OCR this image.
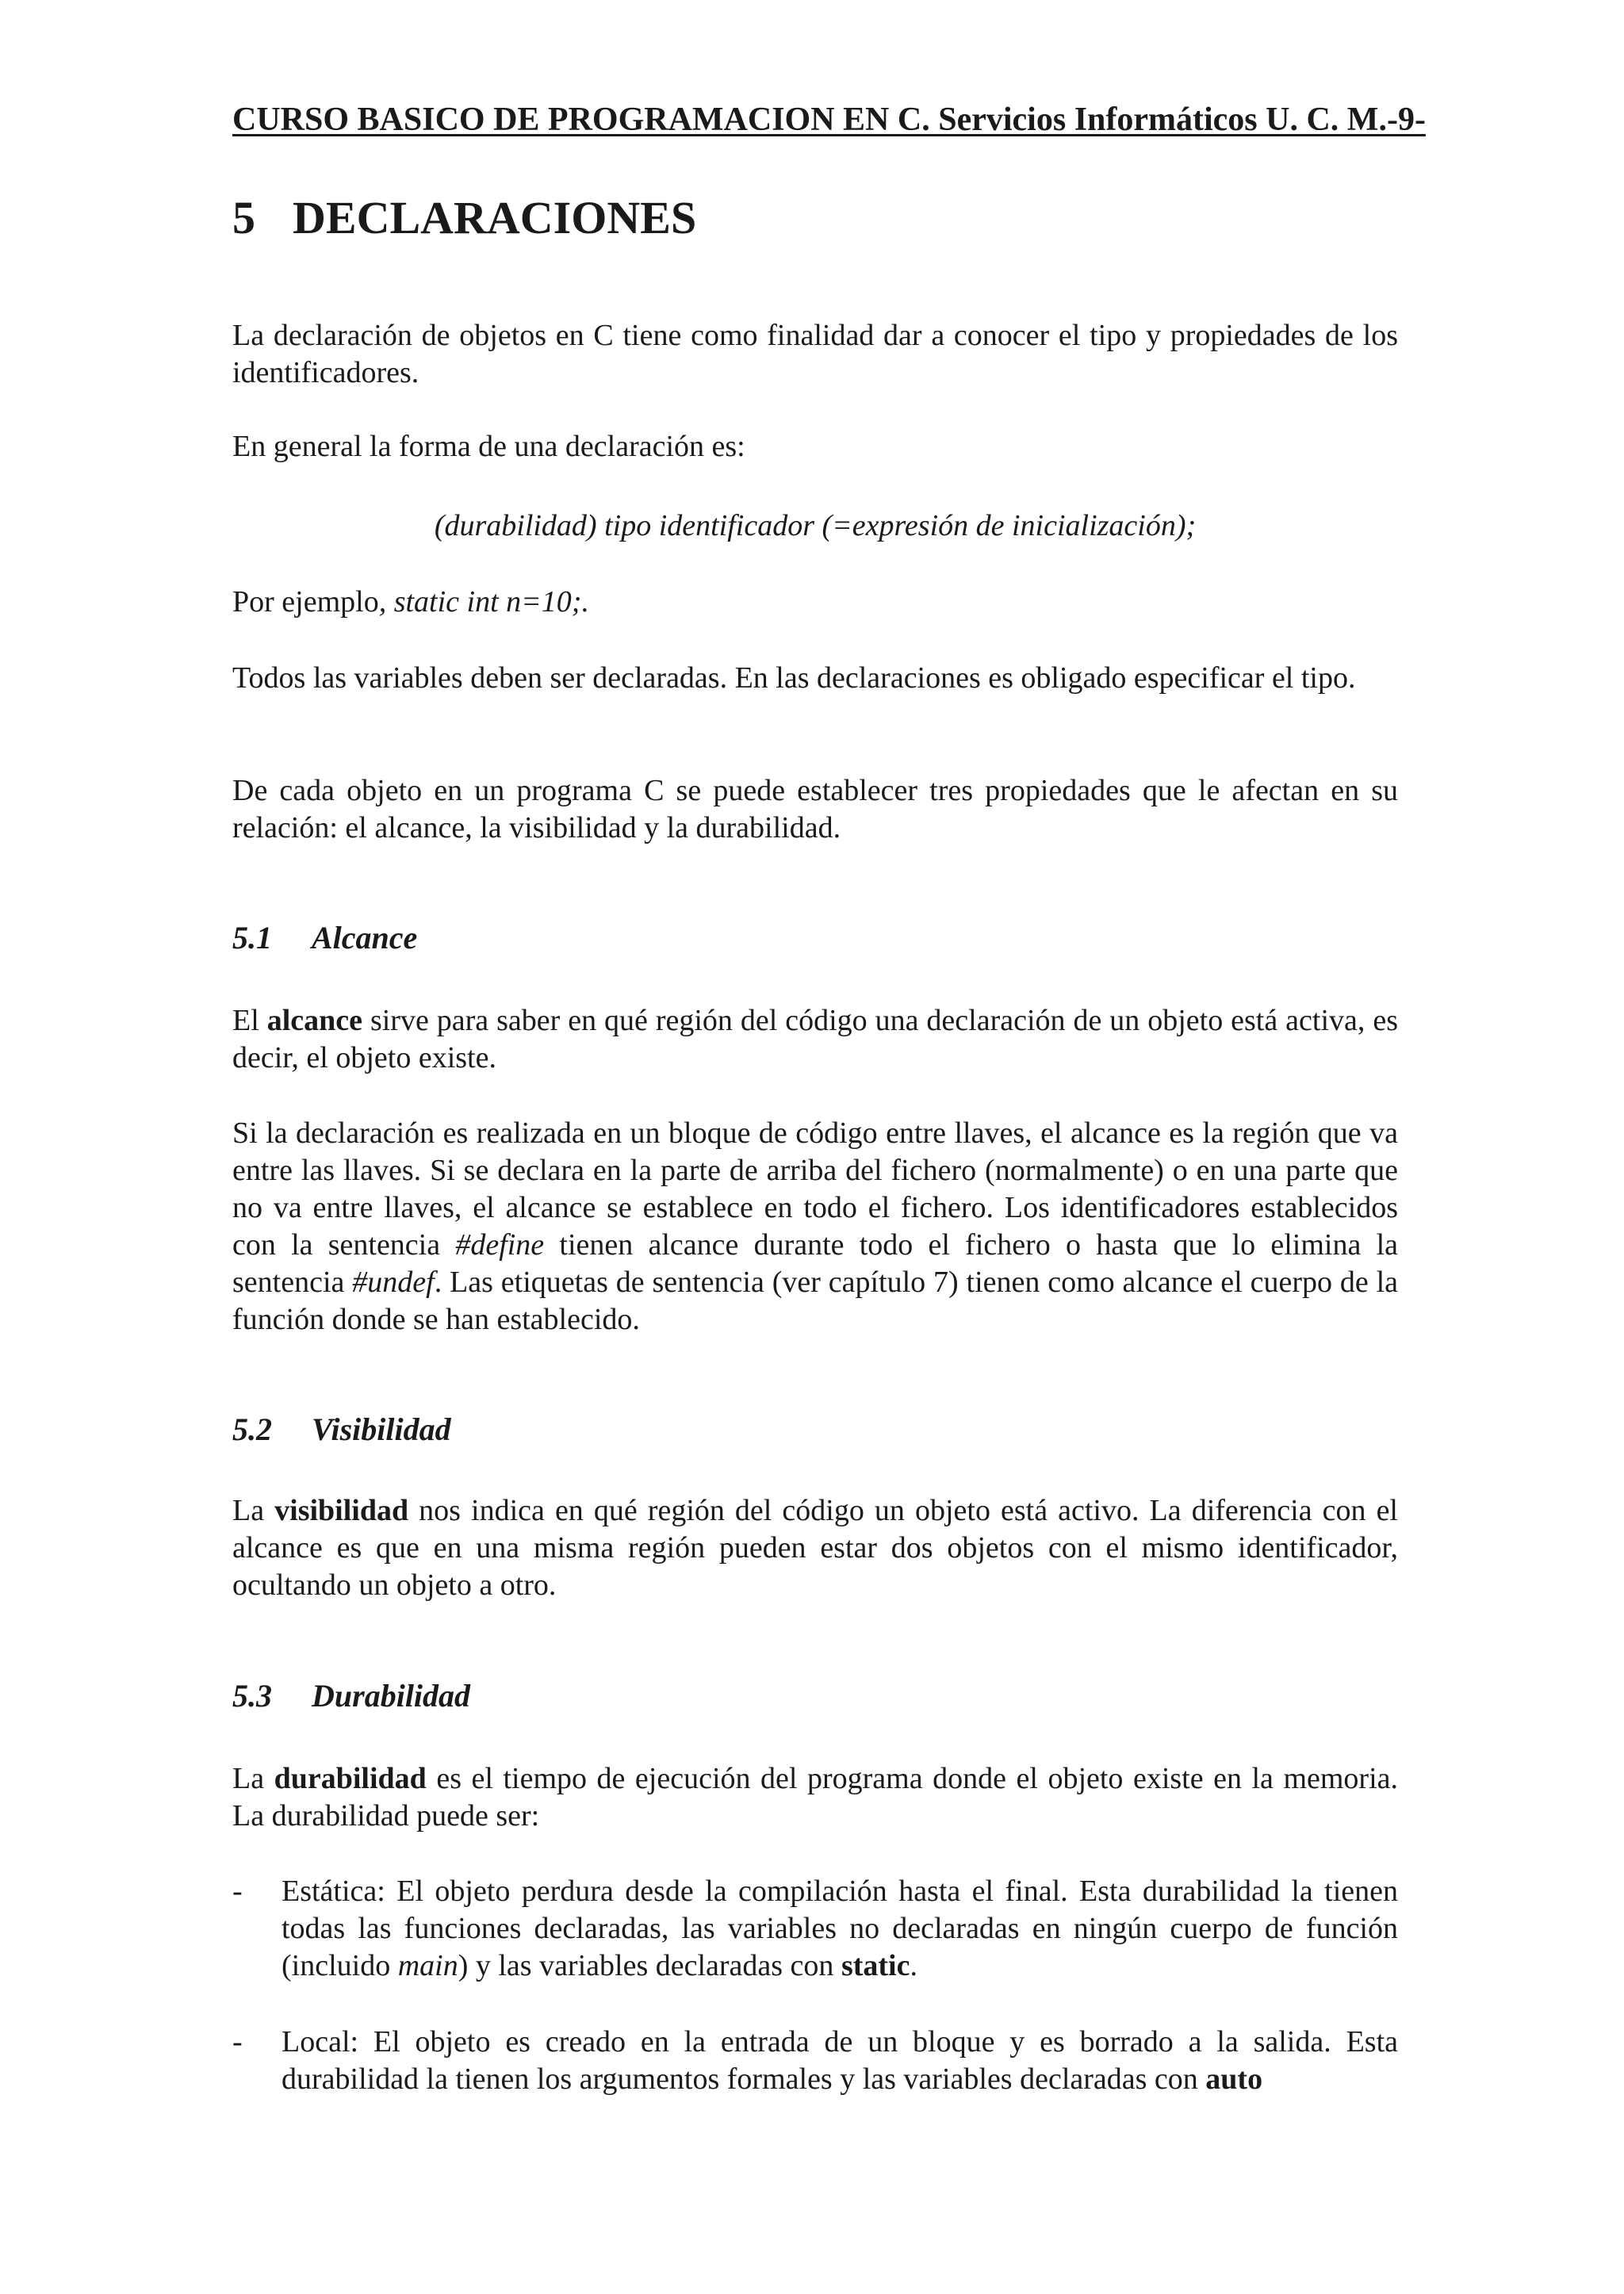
CURSO BASICO DE PROGRAMACION EN C. Servicios Informáticos U. C. M.-9-
5 DECLARACIONES
La declaración de objetos en C tiene como finalidad dar a conocer el tipo y propiedades de los identificadores.
En general la forma de una declaración es:
(durabilidad) tipo identificador (=expresión de inicialización);
Por ejemplo, static int n=10;.
Todos las variables deben ser declaradas. En las declaraciones es obligado especificar el tipo.
De cada objeto en un programa C se puede establecer tres propiedades que le afectan en su relación: el alcance, la visibilidad y la durabilidad.
5.1 Alcance
El alcance sirve para saber en qué región del código una declaración de un objeto está activa, es decir, el objeto existe.
Si la declaración es realizada en un bloque de código entre llaves, el alcance es la región que va entre las llaves. Si se declara en la parte de arriba del fichero (normalmente) o en una parte que no va entre llaves, el alcance se establece en todo el fichero. Los identificadores establecidos con la sentencia #define tienen alcance durante todo el fichero o hasta que lo elimina la sentencia #undef. Las etiquetas de sentencia (ver capítulo 7) tienen como alcance el cuerpo de la función donde se han establecido.
5.2 Visibilidad
La visibilidad nos indica en qué región del código un objeto está activo. La diferencia con el alcance es que en una misma región pueden estar dos objetos con el mismo identificador, ocultando un objeto a otro.
5.3 Durabilidad
La durabilidad es el tiempo de ejecución del programa donde el objeto existe en la memoria. La durabilidad puede ser:
- Estática: El objeto perdura desde la compilación hasta el final. Esta durabilidad la tienen todas las funciones declaradas, las variables no declaradas en ningún cuerpo de función (incluido main) y las variables declaradas con static.
- Local: El objeto es creado en la entrada de un bloque y es borrado a la salida. Esta durabilidad la tienen los argumentos formales y las variables declaradas con auto
